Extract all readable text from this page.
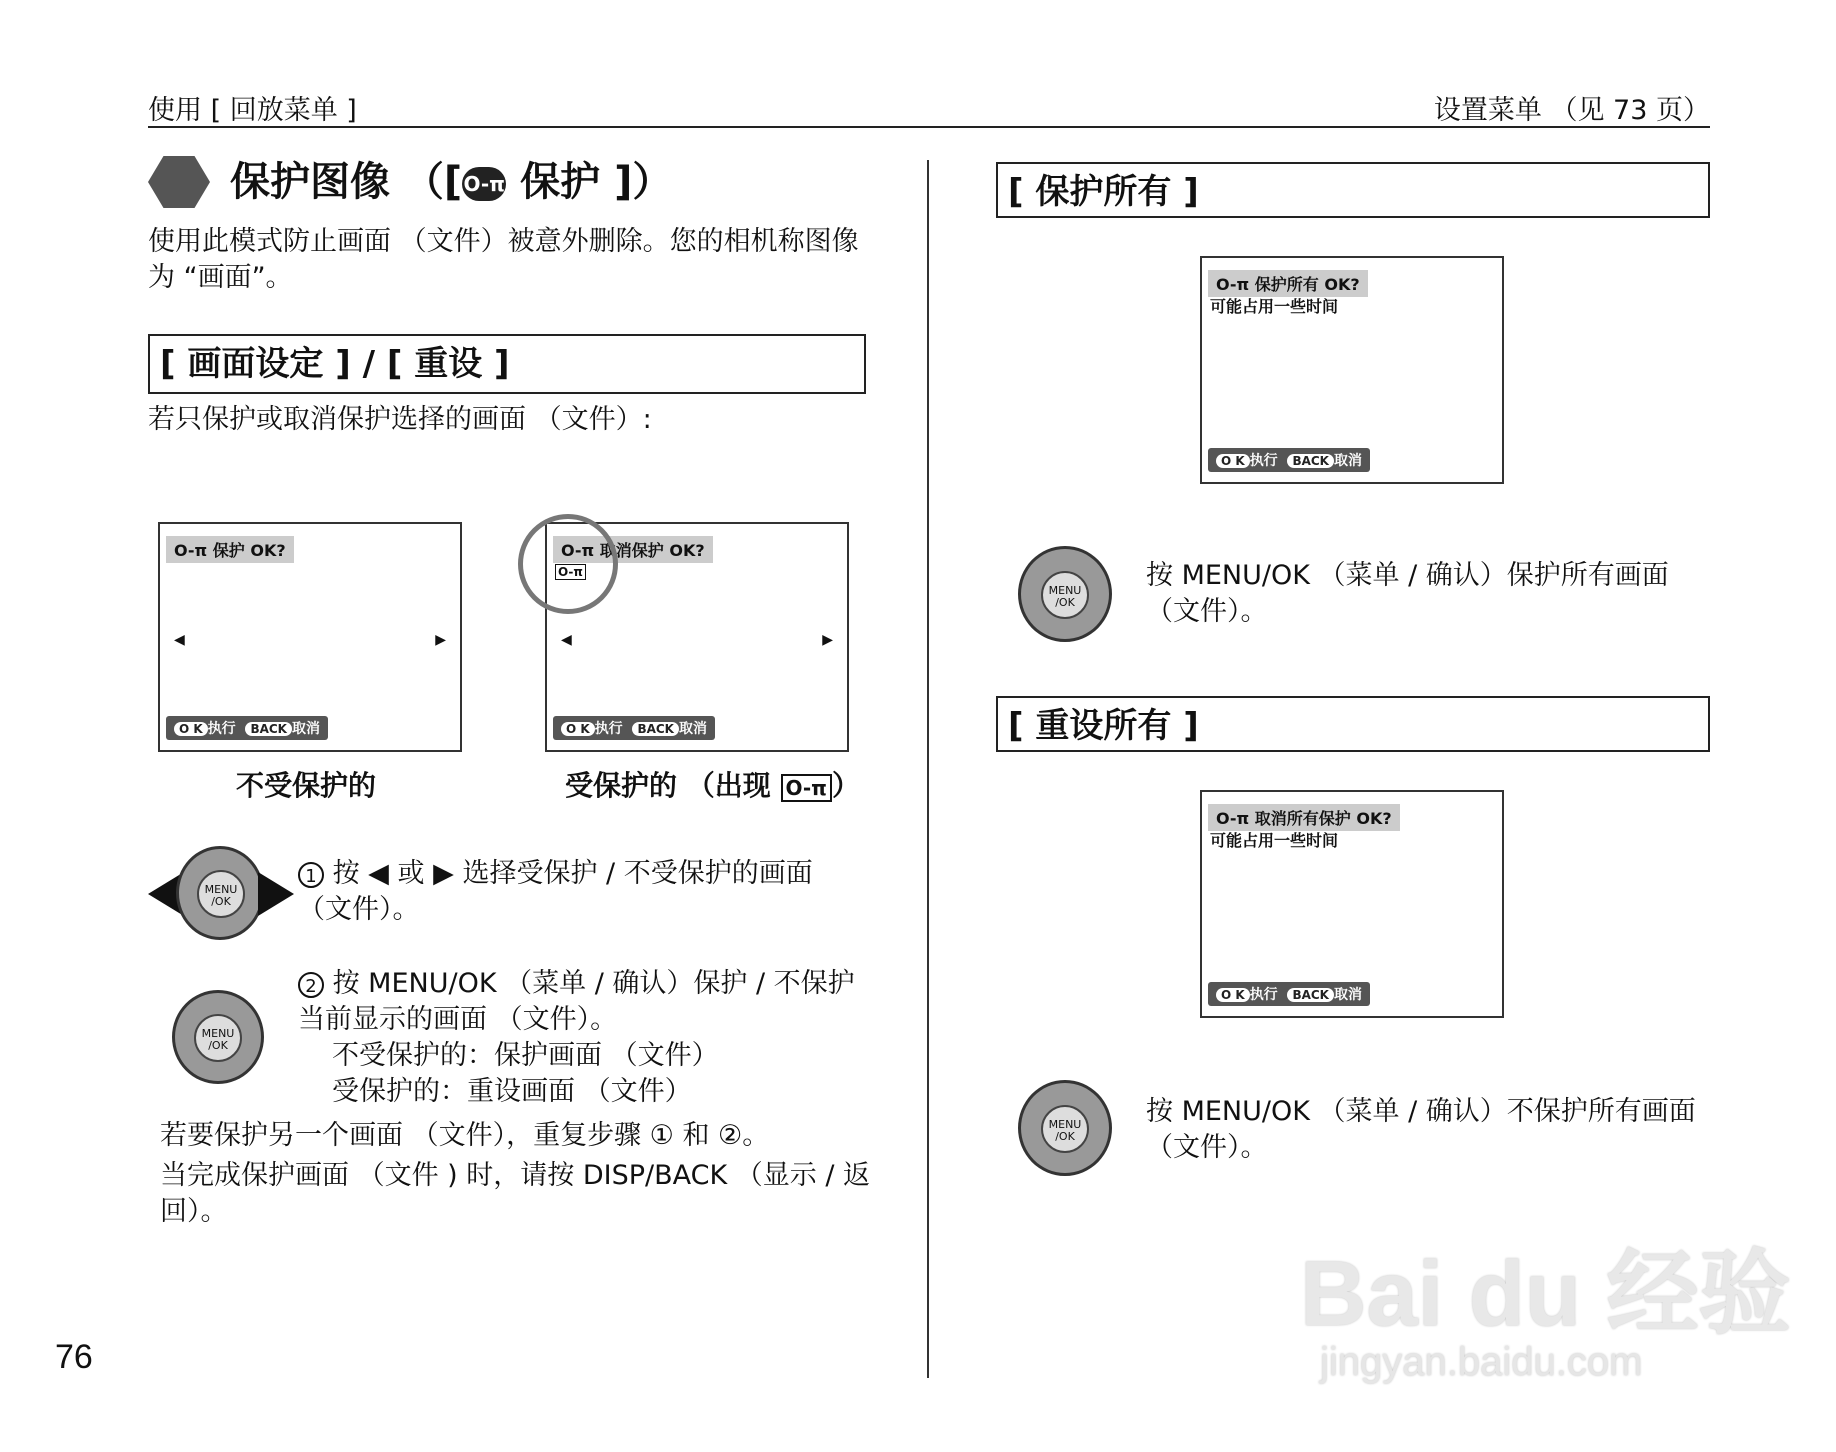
使用 [ 回放菜单 ]	设置菜单 （见 73 页）
保护图像 （[O-π 保护 ]）
使用此模式防止画面 （文件）被意外删除。您的相机称图像为 “画面”。
[ 画面设定 ] / [ 重设 ]
若只保护或取消保护选择的画面 （文件）:
O-π 保护 OK?
◀	▶
O K 执行 BACK 取消
不受保护的
O-π 取消保护 OK?
O-π
◀	▶
O K 执行 BACK 取消
受保护的 （出现 O-π ）
MENU
/OK
1 按 ◀ 或 ▶ 选择受保护 / 不受保护的画面 （文件）。
MENU
/OK
2 按 MENU/OK （菜单 / 确认）保护 / 不保护当前显示的画面 （文件）。
不受保护的：保护画面 （文件）
受保护的：重设画面 （文件）
若要保护另一个画面 （文件），重复步骤 ① 和 ②。
当完成保护画面 （文件 ) 时，请按 DISP/BACK （显示 / 返回）。
[ 保护所有 ]
O-π 保护所有 OK?
可能占用一些时间
O K 执行 BACK 取消
MENU
/OK
按 MENU/OK （菜单 / 确认）保护所有画面 （文件）。
[ 重设所有 ]
O-π 取消所有保护 OK?
可能占用一些时间
O K 执行 BACK 取消
MENU
/OK
按 MENU/OK （菜单 / 确认）不保护所有画面 （文件）。
76
Bai du 经验
jingyan.baidu.com
